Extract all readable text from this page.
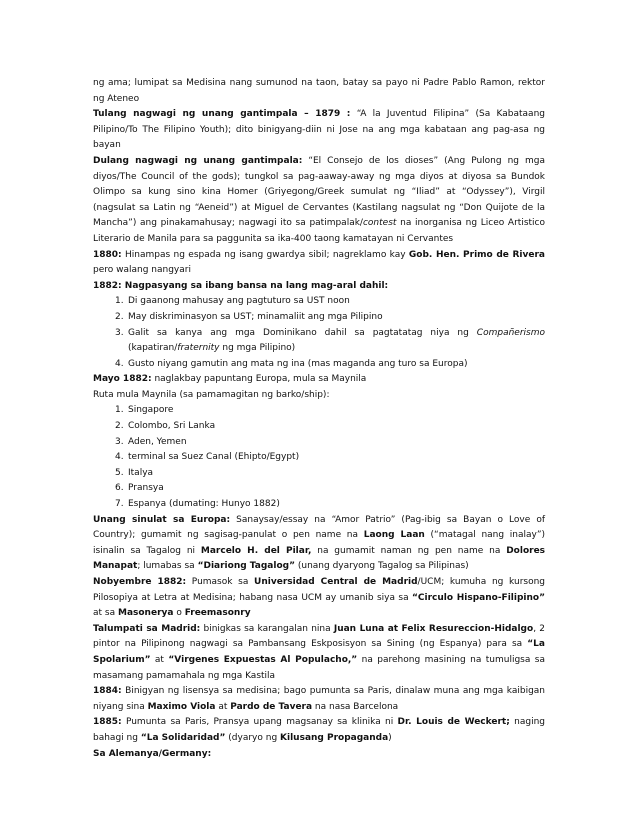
ng ama; lumipat sa Medisina nang sumunod na taon, batay sa payo ni Padre Pablo Ramon, rektor ng Ateneo

Tulang nagwagi ng unang gantimpala – 1879 : “A la Juventud Filipina” (Sa Kabataang Pilipino/To The Filipino Youth); dito binigyang-diin ni Jose na ang mga kabataan ang pag-asa ng bayan

Dulang nagwagi ng unang gantimpala: “El Consejo de los dioses” (Ang Pulong ng mga diyos/The Council of the gods); tungkol sa pag-aaway-away ng mga diyos at diyosa sa Bundok Olimpo sa kung sino kina Homer (Griyegong/Greek sumulat ng “Iliad” at “Odyssey”), Virgil (nagsulat sa Latin ng “Aeneid”) at Miguel de Cervantes (Kastilang nagsulat ng “Don Quijote de la Mancha”) ang pinakamahusay; nagwagi ito sa patimpalak/contest na inorganisa ng Liceo Artistico Literario de Manila para sa paggunita sa ika-400 taong kamatayan ni Cervantes

1880: Hinampas ng espada ng isang gwardya sibil; nagreklamo kay Gob. Hen. Primo de Rivera pero walang nangyari

1882: Nagpasyang sa ibang bansa na lang mag-aral dahil:

1. Di gaanong mahusay ang pagtuturo sa UST noon
2. May diskriminasyon sa UST; minamaliit ang mga Pilipino
3. Galit sa kanya ang mga Dominikano dahil sa pagtatatag niya ng Compañerismo (kapatiran/fraternity ng mga Pilipino)
4. Gusto niyang gamutin ang mata ng ina (mas maganda ang turo sa Europa)

Mayo 1882: naglakbay papuntang Europa, mula sa Maynila

Ruta mula Maynila (sa pamamagitan ng barko/ship):

1. Singapore
2. Colombo, Sri Lanka
3. Aden, Yemen
4. terminal sa Suez Canal (Ehipto/Egypt)
5. Italya
6. Pransya
7. Espanya (dumating: Hunyo 1882)

Unang sinulat sa Europa: Sanaysay/essay na “Amor Patrio” (Pag-ibig sa Bayan o Love of Country); gumamit ng sagisag-panulat o pen name na Laong Laan (“matagal nang inalay”) isinalin sa Tagalog ni Marcelo H. del Pilar, na gumamit naman ng pen name na Dolores Manapat; lumabas sa “Diariong Tagalog” (unang dyaryong Tagalog sa Pilipinas)

Nobyembre 1882: Pumasok sa Universidad Central de Madrid/UCM; kumuha ng kursong Pilosopiya at Letra at Medisina; habang nasa UCM ay umanib siya sa “Circulo Hispano-Filipino” at sa Masonerya o Freemasonry

Talumpati sa Madrid: binigkas sa karangalan nina Juan Luna at Felix Resureccion-Hidalgo, 2 pintor na Pilipinong nagwagi sa Pambansang Eskposisyon sa Sining (ng Espanya) para sa “La Spolarium” at “Virgenes Expuestas Al Populacho,” na parehong masining na tumuligsa sa masamang pamamahala ng mga Kastila

1884: Binigyan ng lisensya sa medisina; bago pumunta sa Paris, dinalaw muna ang mga kaibigan niyang sina Maximo Viola at Pardo de Tavera na nasa Barcelona

1885: Pumunta sa Paris, Pransya upang magsanay sa klinika ni Dr. Louis de Weckert; naging bahagi ng “La Solidaridad” (dyaryo ng Kilusang Propaganda)

Sa Alemanya/Germany:
